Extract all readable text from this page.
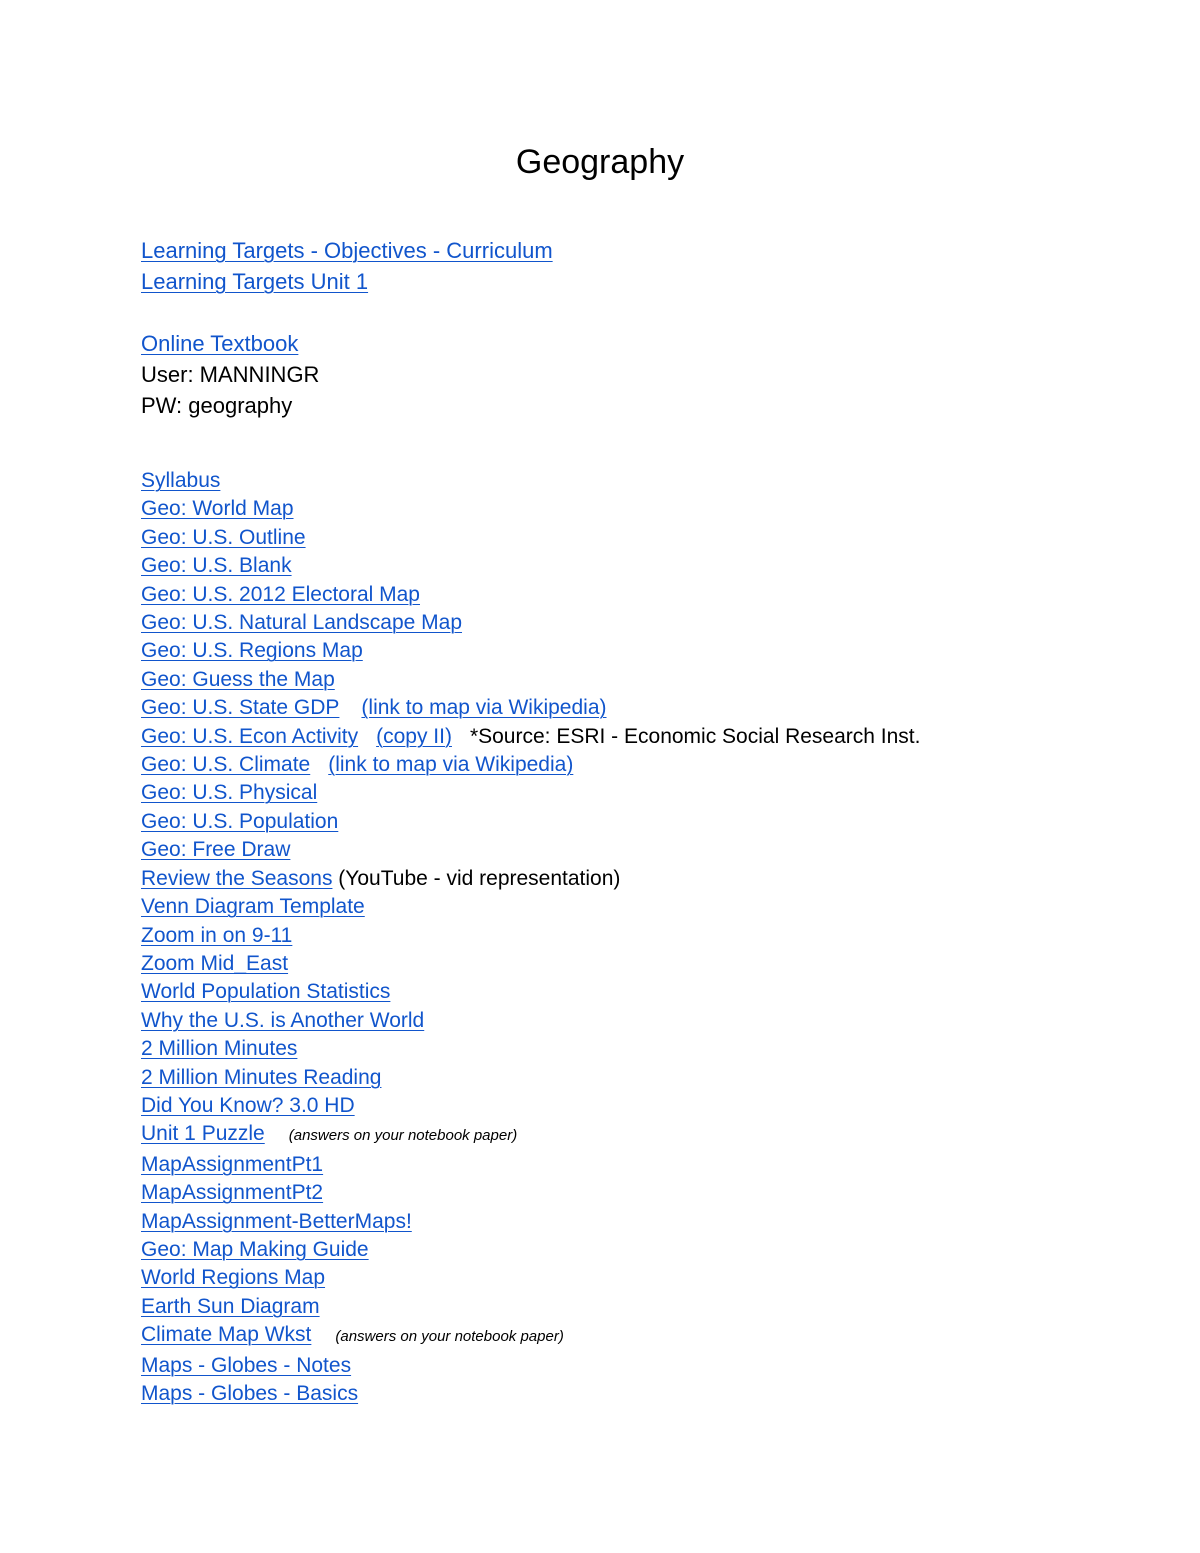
Geography
Learning Targets - Objectives - Curriculum
Learning Targets Unit 1
Online Textbook
User: MANNINGR
PW: geography
Syllabus
Geo: World Map
Geo: U.S. Outline
Geo: U.S. Blank
Geo: U.S. 2012 Electoral Map
Geo: U.S. Natural Landscape Map
Geo: U.S. Regions Map
Geo: Guess the Map
Geo: U.S. State GDP (link to map via Wikipedia)
Geo: U.S. Econ Activity (copy II) *Source: ESRI - Economic Social Research Inst.
Geo: U.S. Climate (link to map via Wikipedia)
Geo: U.S. Physical
Geo: U.S. Population
Geo: Free Draw
Review the Seasons (YouTube - vid representation)
Venn Diagram Template
Zoom in on 9-11
Zoom Mid_East
World Population Statistics
Why the U.S. is Another World
2 Million Minutes
2 Million Minutes Reading
Did You Know? 3.0 HD
Unit 1 Puzzle (answers on your notebook paper)
MapAssignmentPt1
MapAssignmentPt2
MapAssignment-BetterMaps!
Geo: Map Making Guide
World Regions Map
Earth Sun Diagram
Climate Map Wkst (answers on your notebook paper)
Maps - Globes - Notes
Maps - Globes - Basics
